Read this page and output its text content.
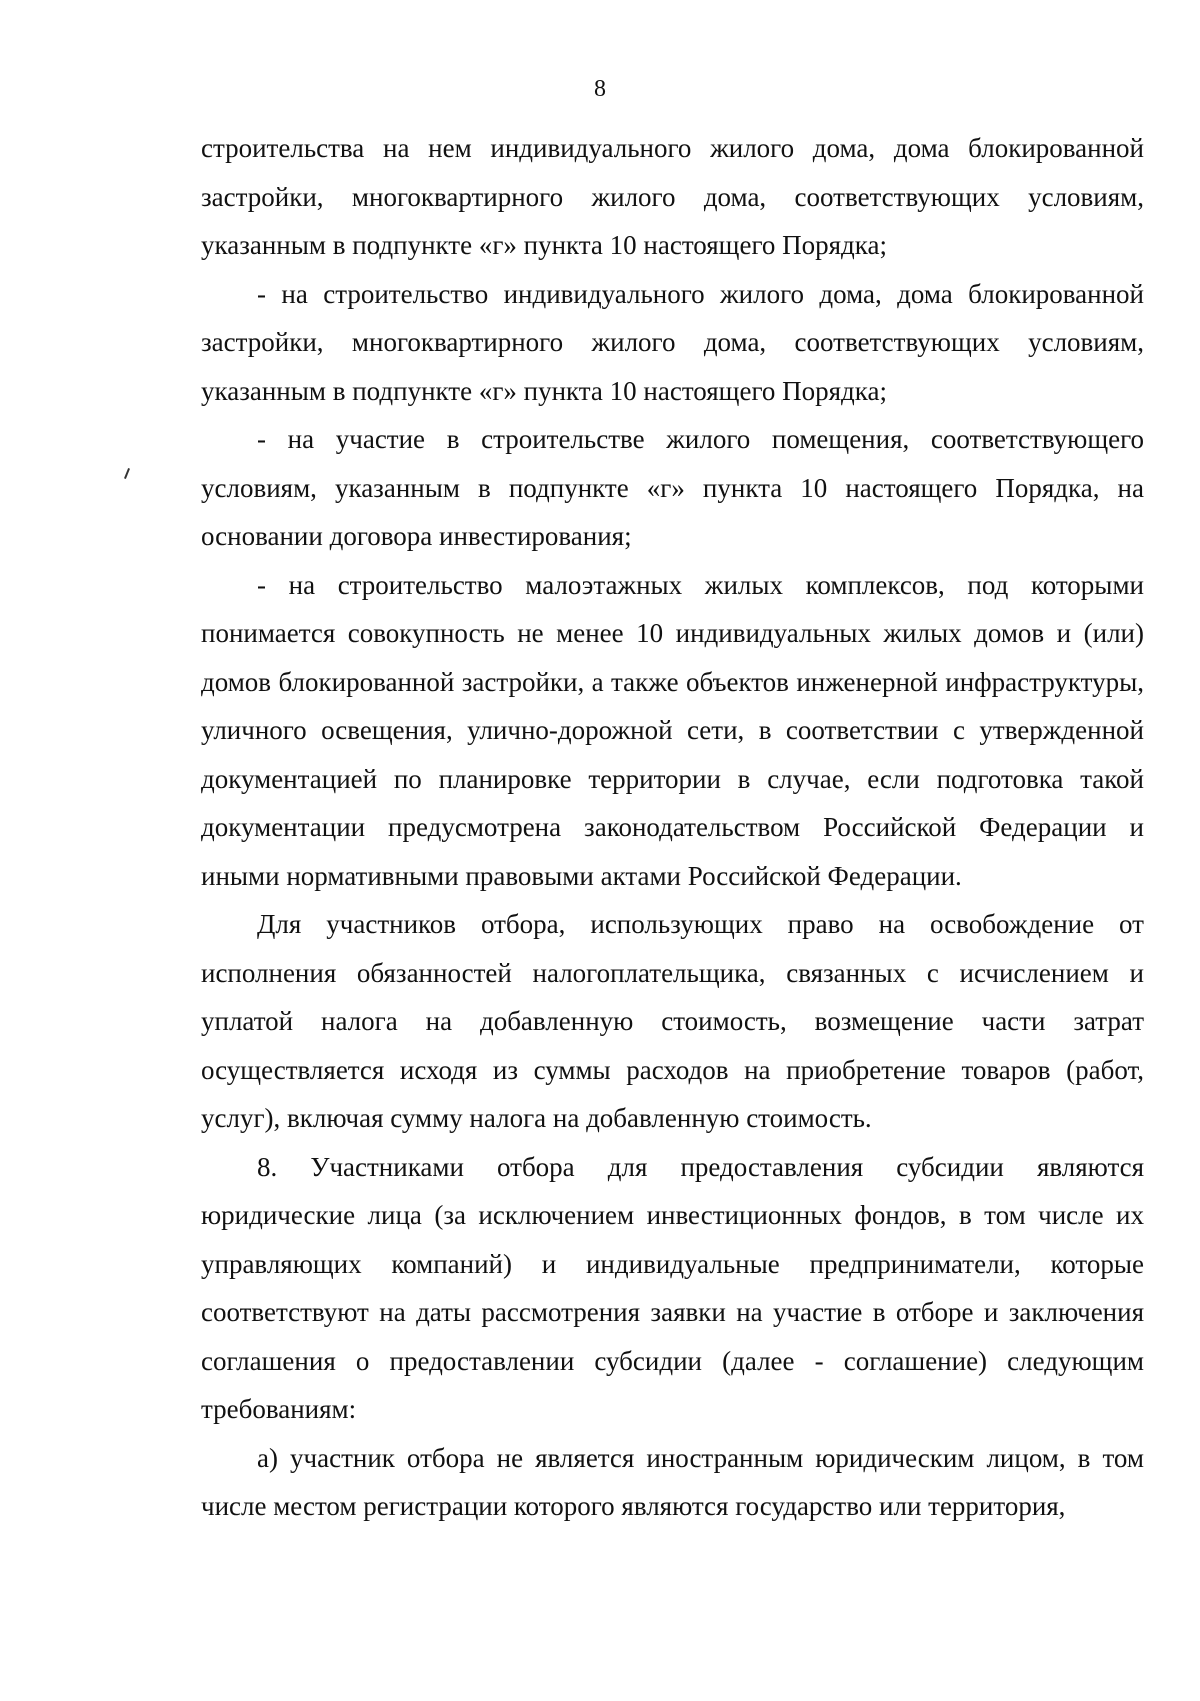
8

строительства на нем индивидуального жилого дома, дома блокированной застройки, многоквартирного жилого дома, соответствующих условиям, указанным в подпункте «г» пункта 10 настоящего Порядка;

- на строительство индивидуального жилого дома, дома блокированной застройки, многоквартирного жилого дома, соответствующих условиям, указанным в подпункте «г» пункта 10 настоящего Порядка;

- на участие в строительстве жилого помещения, соответствующего условиям, указанным в подпункте «г» пункта 10 настоящего Порядка, на основании договора инвестирования;

- на строительство малоэтажных жилых комплексов, под которыми понимается совокупность не менее 10 индивидуальных жилых домов и (или) домов блокированной застройки, а также объектов инженерной инфраструктуры, уличного освещения, улично-дорожной сети, в соответствии с утвержденной документацией по планировке территории в случае, если подготовка такой документации предусмотрена законодательством Российской Федерации и иными нормативными правовыми актами Российской Федерации.

Для участников отбора, использующих право на освобождение от исполнения обязанностей налогоплательщика, связанных с исчислением и уплатой налога на добавленную стоимость, возмещение части затрат осуществляется исходя из суммы расходов на приобретение товаров (работ, услуг), включая сумму налога на добавленную стоимость.

8. Участниками отбора для предоставления субсидии являются юридические лица (за исключением инвестиционных фондов, в том числе их управляющих компаний) и индивидуальные предприниматели, которые соответствуют на даты рассмотрения заявки на участие в отборе и заключения соглашения о предоставлении субсидии (далее - соглашение) следующим требованиям:

а) участник отбора не является иностранным юридическим лицом, в том числе местом регистрации которого являются государство или территория,
